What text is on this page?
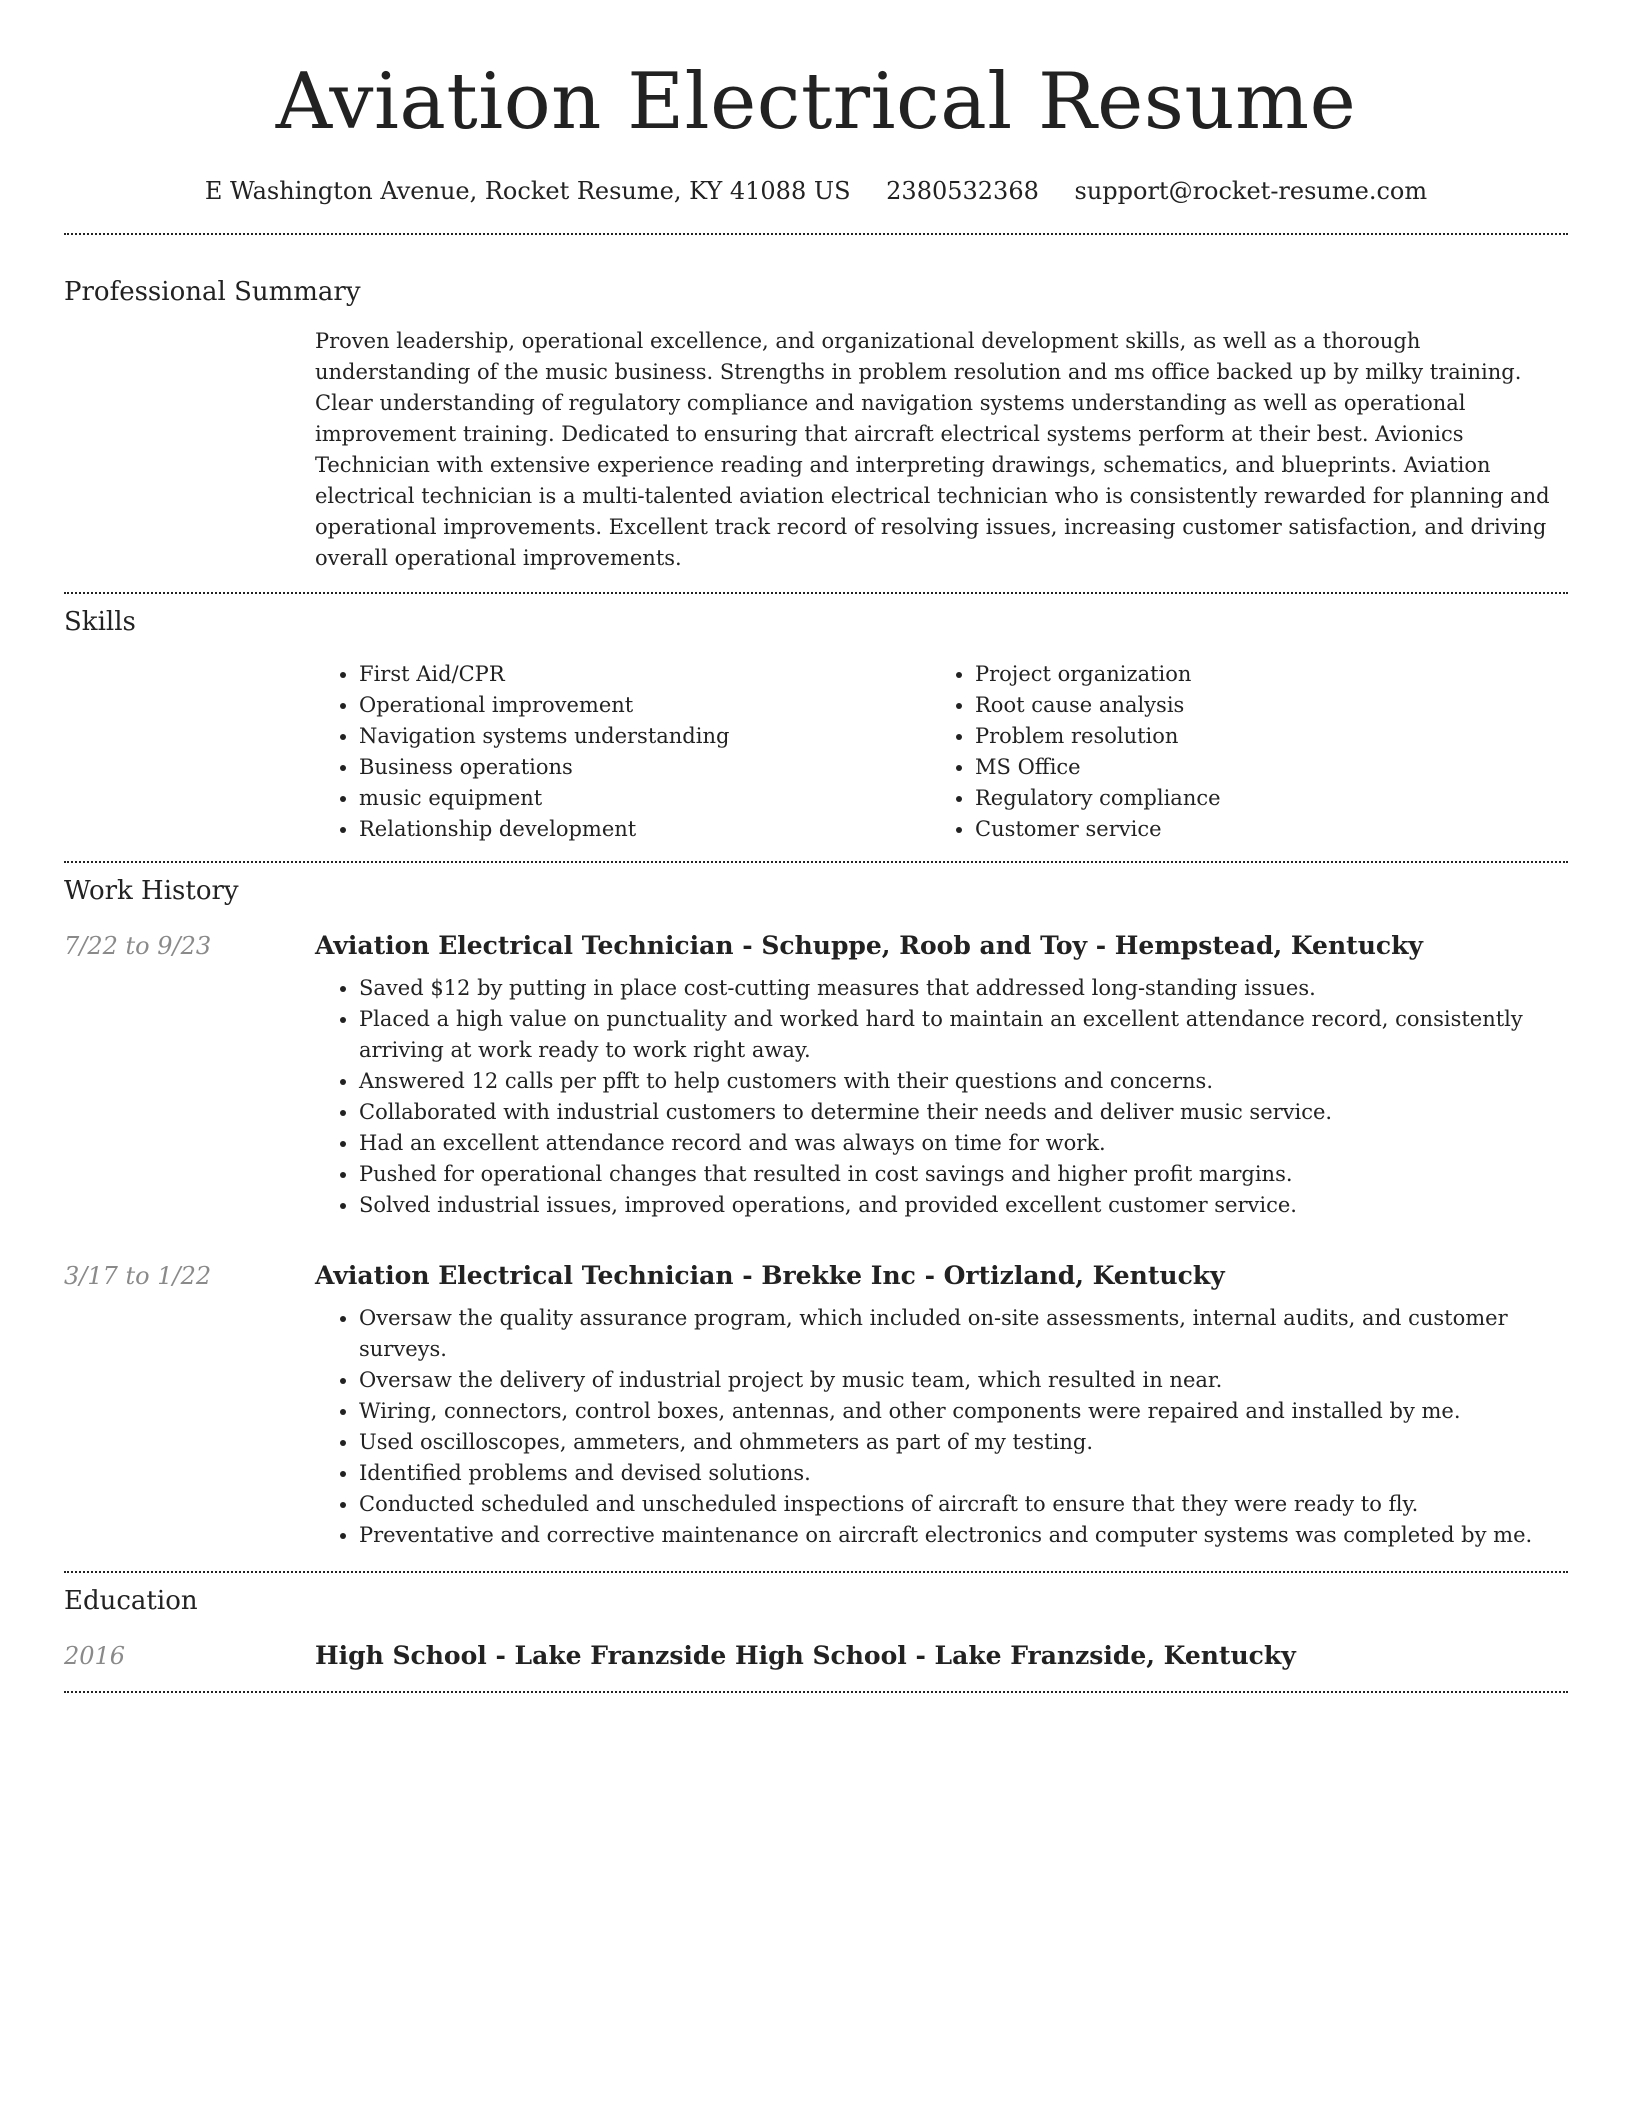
Aviation Electrical Resume
E Washington Avenue, Rocket Resume, KY 41088 US 2380532368 support@rocket-resume.com
Professional Summary

Proven leadership, operational excellence, and organizational development skills, as well as a thorough understanding of the music business. Strengths in problem resolution and ms office backed up by milky training. Clear understanding of regulatory compliance and navigation systems understanding as well as operational improvement training. Dedicated to ensuring that aircraft electrical systems perform at their best. Avionics Technician with extensive experience reading and interpreting drawings, schematics, and blueprints. Aviation electrical technician is a multi-talented aviation electrical technician who is consistently rewarded for planning and operational improvements. Excellent track record of resolving issues, increasing customer satisfaction, and driving overall operational improvements.

Skills
• First Aid/CPR
• Operational improvement
• Navigation systems understanding
• Business operations
• music equipment
• Relationship development
• Project organization
• Root cause analysis
• Problem resolution
• MS Office
• Regulatory compliance
• Customer service
Work History
7/22 to 9/23	Aviation Electrical Technician - Schuppe, Roob and Toy - Hempstead, Kentucky
• Saved $12 by putting in place cost-cutting measures that addressed long-standing issues.
• Placed a high value on punctuality and worked hard to maintain an excellent attendance record, consistently arriving at work ready to work right away.
• Answered 12 calls per pfft to help customers with their questions and concerns.
• Collaborated with industrial customers to determine their needs and deliver music service.
• Had an excellent attendance record and was always on time for work.
• Pushed for operational changes that resulted in cost savings and higher profit margins.
• Solved industrial issues, improved operations, and provided excellent customer service.
3/17 to 1/22	Aviation Electrical Technician - Brekke Inc - Ortizland, Kentucky
• Oversaw the quality assurance program, which included on-site assessments, internal audits, and customer surveys.
• Oversaw the delivery of industrial project by music team, which resulted in near.
• Wiring, connectors, control boxes, antennas, and other components were repaired and installed by me.
• Used oscilloscopes, ammeters, and ohmmeters as part of my testing.
• Identified problems and devised solutions.
• Conducted scheduled and unscheduled inspections of aircraft to ensure that they were ready to fly.
• Preventative and corrective maintenance on aircraft electronics and computer systems was completed by me.
Education
2016	High School - Lake Franzside High School - Lake Franzside, Kentucky
